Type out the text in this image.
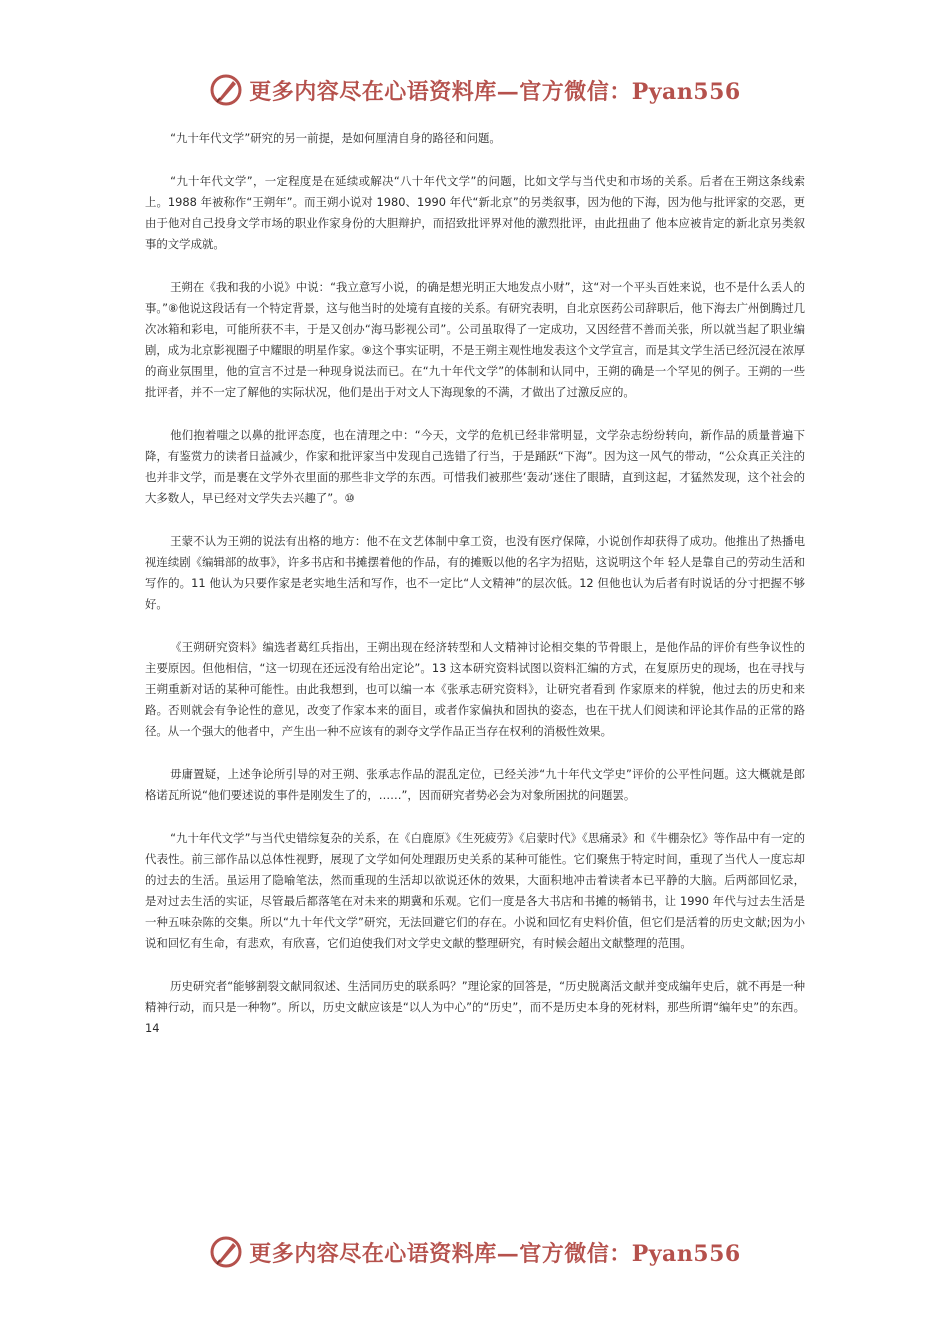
更多内容尽在心语资料库—官方微信：Pyan556

“九十年代文学”研究的另一前提，是如何厘清自身的路径和问题。

“九十年代文学”，一定程度是在延续或解决“八十年代文学”的问题，比如文学与当代史和市场的关系。后者在王朔这条线索上。1988 年被称作“王朔年”。而王朔小说对 1980、1990 年代“新北京”的另类叙事，因为他的下海，因为他与批评家的交恶，更由于他对自己投身文学市场的职业作家身份的大胆辩护，而招致批评界对他的激烈批评，由此扭曲了 他本应被肯定的新北京另类叙事的文学成就。

王朔在《我和我的小说》中说：“我立意写小说，的确是想光明正大地发点小财”，这“对一个平头百姓来说，也不是什么丢人的事。”⑧他说这段话有一个特定背景，这与他当时的处境有直接的关系。有研究表明，自北京医药公司辞职后，他下海去广州倒腾过几次冰箱和彩电，可能所获不丰，于是又创办“海马影视公司”。公司虽取得了一定成功，又因经营不善而关张，所以就当起了职业编剧，成为北京影视圈子中耀眼的明星作家。⑨这个事实证明，不是王朔主观性地发表这个文学宣言，而是其文学生活已经沉浸在浓厚的商业氛围里，他的宣言不过是一种现身说法而已。在“九十年代文学”的体制和认同中，王朔的确是一个罕见的例子。王朔的一些批评者，并不一定了解他的实际状况，他们是出于对文人下海现象的不满，才做出了过激反应的。

他们抱着嗤之以鼻的批评态度，也在清理之中：“今天，文学的危机已经非常明显，文学杂志纷纷转向，新作品的质量普遍下降，有鉴赏力的读者日益减少，作家和批评家当中发现自己选错了行当，于是踊跃“下海”。因为这一风气的带动，“公众真正关注的也并非文学，而是裹在文学外衣里面的那些非文学的东西。可惜我们被那些‘轰动’迷住了眼睛，直到这起，才猛然发现，这个社会的大多数人，早已经对文学失去兴趣了”。⑩

王蒙不认为王朔的说法有出格的地方：他不在文艺体制中拿工资，也没有医疗保障，小说创作却获得了成功。他推出了热播电视连续剧《编辑部的故事》，许多书店和书摊摆着他的作品，有的摊贩以他的名字为招贴，这说明这个年 轻人是靠自己的劳动生活和写作的。11 他认为只要作家是老实地生活和写作，也不一定比“人文精神”的层次低。12 但他也认为后者有时说话的分寸把握不够好。

《王朔研究资料》编选者葛红兵指出，王朔出现在经济转型和人文精神讨论相交集的节骨眼上，是他作品的评价有些争议性的主要原因。但他相信，“这一切现在还远没有给出定论”。13 这本研究资料试图以资料汇编的方式，在复原历史的现场，也在寻找与王朔重新对话的某种可能性。由此我想到，也可以编一本《张承志研究资料》，让研究者看到 作家原来的样貌，他过去的历史和来路。否则就会有争论性的意见，改变了作家本来的面目，或者作家偏执和固执的姿态，也在干扰人们阅读和评论其作品的正常的路径。从一个强大的他者中，产生出一种不应该有的剥夺文学作品正当存在权利的消极性效果。

毋庸置疑，上述争论所引导的对王朔、张承志作品的混乱定位，已经关涉“九十年代文学史”评价的公平性问题。这大概就是郎格诺瓦所说“他们要述说的事件是刚发生了的，……”，因而研究者势必会为对象所困扰的问题罢。

“九十年代文学”与当代史错综复杂的关系，在《白鹿原》《生死疲劳》《启蒙时代》《思痛录》和《牛棚杂忆》等作品中有一定的代表性。前三部作品以总体性视野，展现了文学如何处理跟历史关系的某种可能性。它们聚焦于特定时间，重现了当代人一度忘却的过去的生活。虽运用了隐喻笔法，然而重现的生活却以欲说还休的效果，大面积地冲击着读者本已平静的大脑。后两部回忆录，是对过去生活的实证，尽管最后都落笔在对未来的期冀和乐观。它们一度是各大书店和书摊的畅销书，让 1990 年代与过去生活是一种五味杂陈的交集。所以“九十年代文学”研究，无法回避它们的存在。小说和回忆有史料价值，但它们是活着的历史文献;因为小说和回忆有生命，有悲欢，有欣喜，它们迫使我们对文学史文献的整理研究，有时候会超出文献整理的范围。

历史研究者“能够割裂文献同叙述、生活同历史的联系吗？”理论家的回答是，“历史脱离活文献并变成编年史后，就不再是一种精神行动，而只是一种物”。所以，历史文献应该是“以人为中心”的“历史”，而不是历史本身的死材料，那些所谓“编年史”的东西。14

更多内容尽在心语资料库—官方微信：Pyan556
